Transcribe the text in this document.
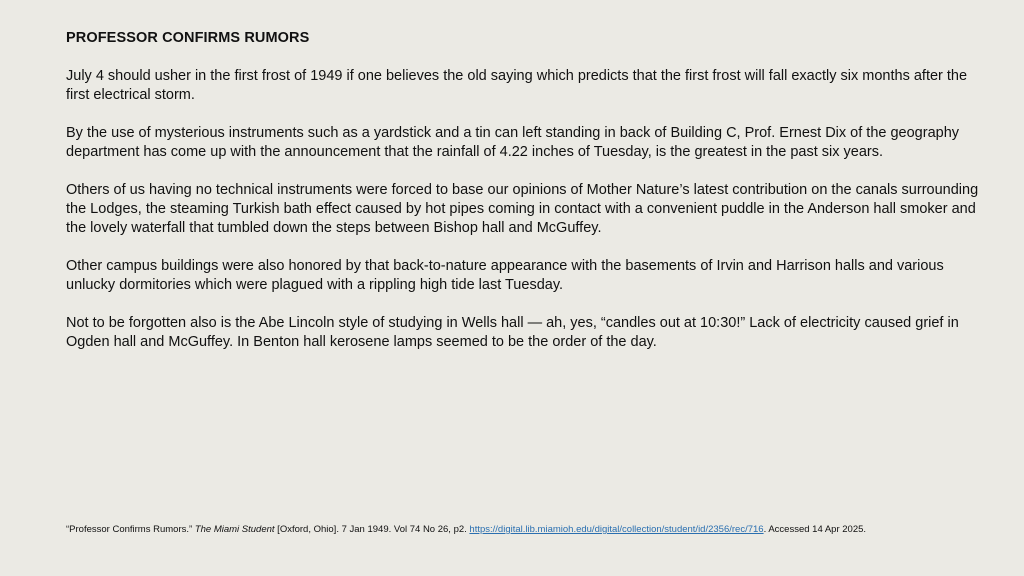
PROFESSOR CONFIRMS RUMORS

July 4 should usher in the first frost of 1949 if one believes the old saying which predicts that the first frost will fall exactly six months after the first electrical storm.

By the use of mysterious instruments such as a yardstick and a tin can left standing in back of Building C, Prof. Ernest Dix of the geography department has come up with the announcement that the rainfall of 4.22 inches of Tuesday, is the greatest in the past six years.

Others of us having no technical instruments were forced to base our opinions of Mother Nature’s latest contribution on the canals surrounding the Lodges, the steaming Turkish bath effect caused by hot pipes coming in contact with a convenient puddle in the Anderson hall smoker and the lovely waterfall that tumbled down the steps between Bishop hall and McGuffey.

Other campus buildings were also honored by that back-to-nature appearance with the basements of Irvin and Harrison halls and various unlucky dormitories which were plagued with a rippling high tide last Tuesday.

Not to be forgotten also is the Abe Lincoln style of studying in Wells hall — ah, yes, “candles out at 10:30!” Lack of electricity caused grief in Ogden hall and McGuffey. In Benton hall kerosene lamps seemed to be the order of the day.

“Professor Confirms Rumors.” The Miami Student [Oxford, Ohio]. 7 Jan 1949. Vol 74 No 26, p2. https://digital.lib.miamioh.edu/digital/collection/student/id/2356/rec/716. Accessed 14 Apr 2025.
